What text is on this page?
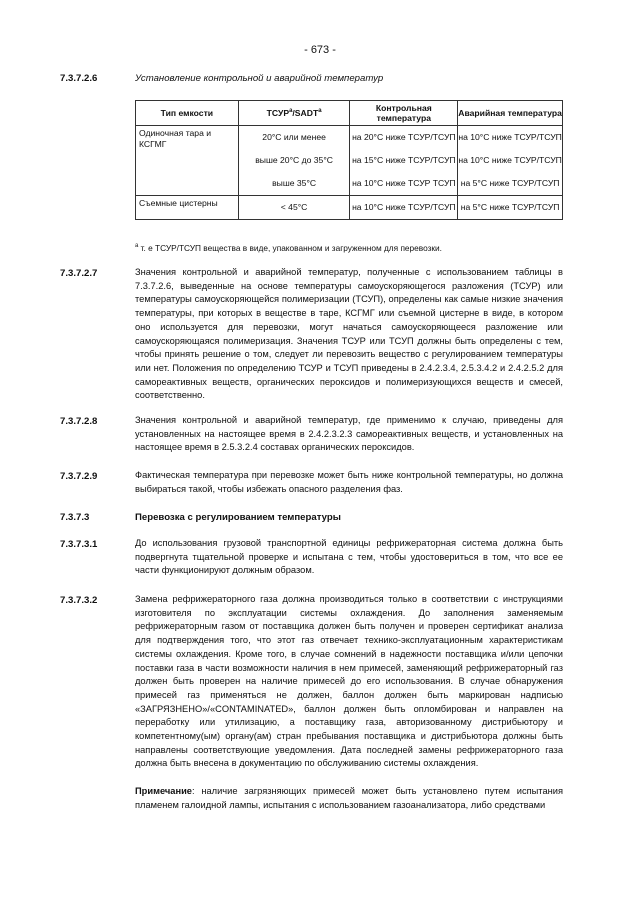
- 673 -
7.3.7.2.6	Установление контрольной и аварийной температур
Тип емкости	ТСУР$^a$/SADT$^a$	Контрольная температура	Аварийная температура
Одиночная тара и КСГМГ	20°C или менее	на 20°C ниже ТСУР/ТСУП	на 10°C ниже ТСУР/ТСУП
	выше 20°C до 35°C	на 15°C ниже ТСУР/ТСУП	на 10°C ниже ТСУР/ТСУП
	выше 35°C	на 10°C ниже ТСУР ТСУП	на 5°C ниже ТСУР/ТСУП
Съемные цистерны	< 45°C	на 10°C ниже ТСУР/ТСУП	на 5°C ниже ТСУР/ТСУП
$^a$ т. е ТСУР/ТСУП вещества в виде, упакованном и загруженном для перевозки.
7.3.7.2.7	Значения контрольной и аварийной температур, полученные с использованием таблицы в 7.3.7.2.6, выведенные на основе температуры самоускоряющегося разложения (ТСУР) или температуры самоускоряющейся полимеризации (ТСУП), определены как самые низкие значения температуры, при которых в веществе в таре, КСГМГ или съемной цистерне в виде, в котором оно используется для перевозки, могут начаться самоускоряющееся разложение или самоускоряющаяся полимеризация. Значения ТСУР или ТСУП должны быть определены с тем, чтобы принять решение о том, следует ли перевозить вещество с регулированием температуры или нет. Положения по определению ТСУР и ТСУП приведены в 2.4.2.3.4, 2.5.3.4.2 и 2.4.2.5.2 для самореактивных веществ, органических пероксидов и полимеризующихся веществ и смесей, соответственно.

7.3.7.2.8	Значения контрольной и аварийной температур, где применимо к случаю, приведены для установленных на настоящее время в 2.4.2.3.2.3 самореактивных веществ, и установленных на настоящее время в 2.5.3.2.4 составах органических пероксидов.

7.3.7.2.9	Фактическая температура при перевозке может быть ниже контрольной температуры, но должна выбираться такой, чтобы избежать опасного разделения фаз.

7.3.7.3	Перевозка с регулированием температуры
7.3.7.3.1	До использования грузовой транспортной единицы рефрижераторная система должна быть подвергнута тщательной проверке и испытана с тем, чтобы удостовериться в том, что все ее части функционируют должным образом.

7.3.7.3.2	Замена рефрижераторного газа должна производиться только в соответствии с инструкциями изготовителя по эксплуатации системы охлаждения. До заполнения заменяемым рефрижераторным газом от поставщика должен быть получен и проверен сертификат анализа для подтверждения того, что этот газ отвечает технико-эксплуатационным характеристикам системы охлаждения. Кроме того, в случае сомнений в надежности поставщика и/или цепочки поставки газа в части возможности наличия в нем примесей, заменяющий рефрижераторный газ должен быть проверен на наличие примесей до его использования. В случае обнаружения примесей газ применяться не должен, баллон должен быть маркирован надписью «ЗАГРЯЗНЕНО»/«CONTAMINATED», баллон должен быть опломбирован и направлен на переработку или утилизацию, а поставщику газа, авторизованному дистрибьютору и компетентному(ым) органу(ам) стран пребывания поставщика и дистрибьютора должны быть направлены соответствующие уведомления. Дата последней замены рефрижераторного газа должна быть внесена в документацию по обслуживанию системы охлаждения.

Примечание: наличие загрязняющих примесей может быть установлено путем испытания пламенем галоидной лампы, испытания с использованием газоанализатора, либо средствами
